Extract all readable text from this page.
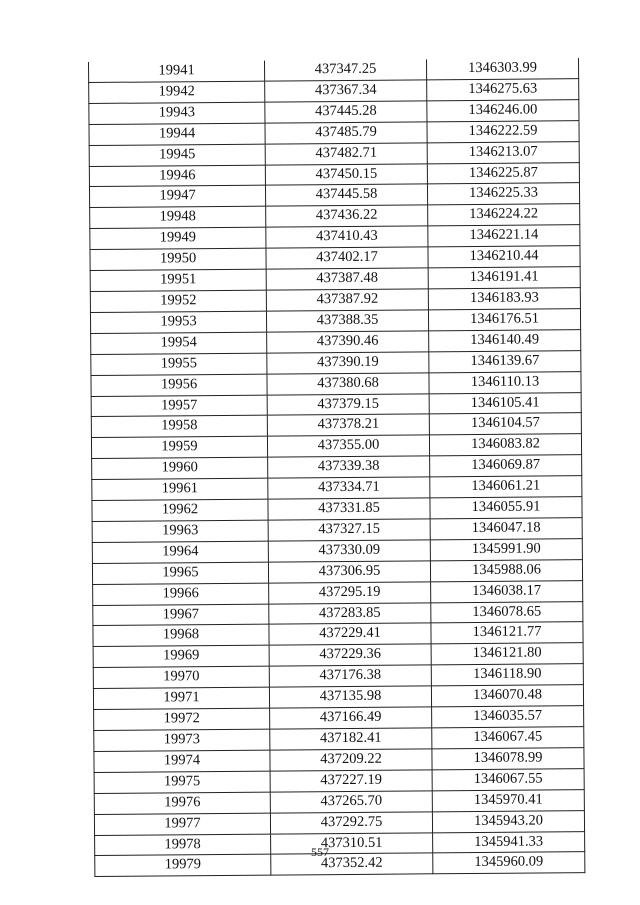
19941	437347.25	1346303.99
19942	437367.34	1346275.63
19943	437445.28	1346246.00
19944	437485.79	1346222.59
19945	437482.71	1346213.07
19946	437450.15	1346225.87
19947	437445.58	1346225.33
19948	437436.22	1346224.22
19949	437410.43	1346221.14
19950	437402.17	1346210.44
19951	437387.48	1346191.41
19952	437387.92	1346183.93
19953	437388.35	1346176.51
19954	437390.46	1346140.49
19955	437390.19	1346139.67
19956	437380.68	1346110.13
19957	437379.15	1346105.41
19958	437378.21	1346104.57
19959	437355.00	1346083.82
19960	437339.38	1346069.87
19961	437334.71	1346061.21
19962	437331.85	1346055.91
19963	437327.15	1346047.18
19964	437330.09	1345991.90
19965	437306.95	1345988.06
19966	437295.19	1346038.17
19967	437283.85	1346078.65
19968	437229.41	1346121.77
19969	437229.36	1346121.80
19970	437176.38	1346118.90
19971	437135.98	1346070.48
19972	437166.49	1346035.57
19973	437182.41	1346067.45
19974	437209.22	1346078.99
19975	437227.19	1346067.55
19976	437265.70	1345970.41
19977	437292.75	1345943.20
19978	437310.51	1345941.33
19979	437352.42	1345960.09
557
